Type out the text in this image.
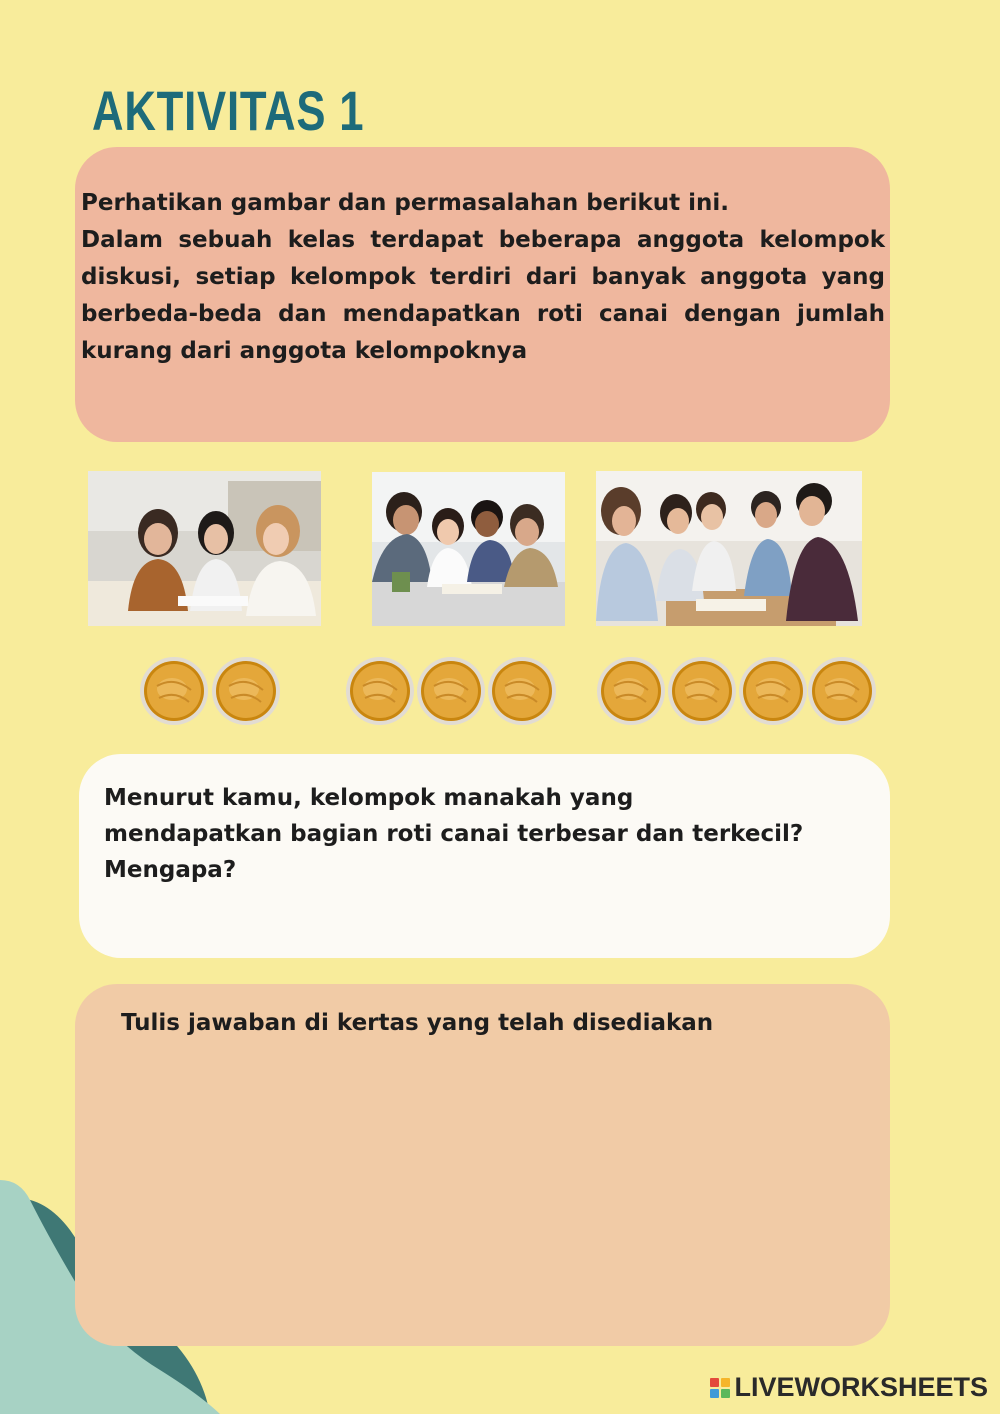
AKTIVITAS 1

Perhatikan gambar dan permasalahan berikut ini.

Dalam sebuah kelas terdapat beberapa anggota kelompok diskusi, setiap kelompok terdiri dari banyak anggota yang berbeda-beda dan mendapatkan roti canai dengan jumlah kurang dari anggota kelompoknya

Menurut kamu, kelompok manakah yang
mendapatkan bagian roti canai terbesar dan terkecil?
Mengapa?

Tulis jawaban di kertas yang telah disediakan

LIVEWORKSHEETS
